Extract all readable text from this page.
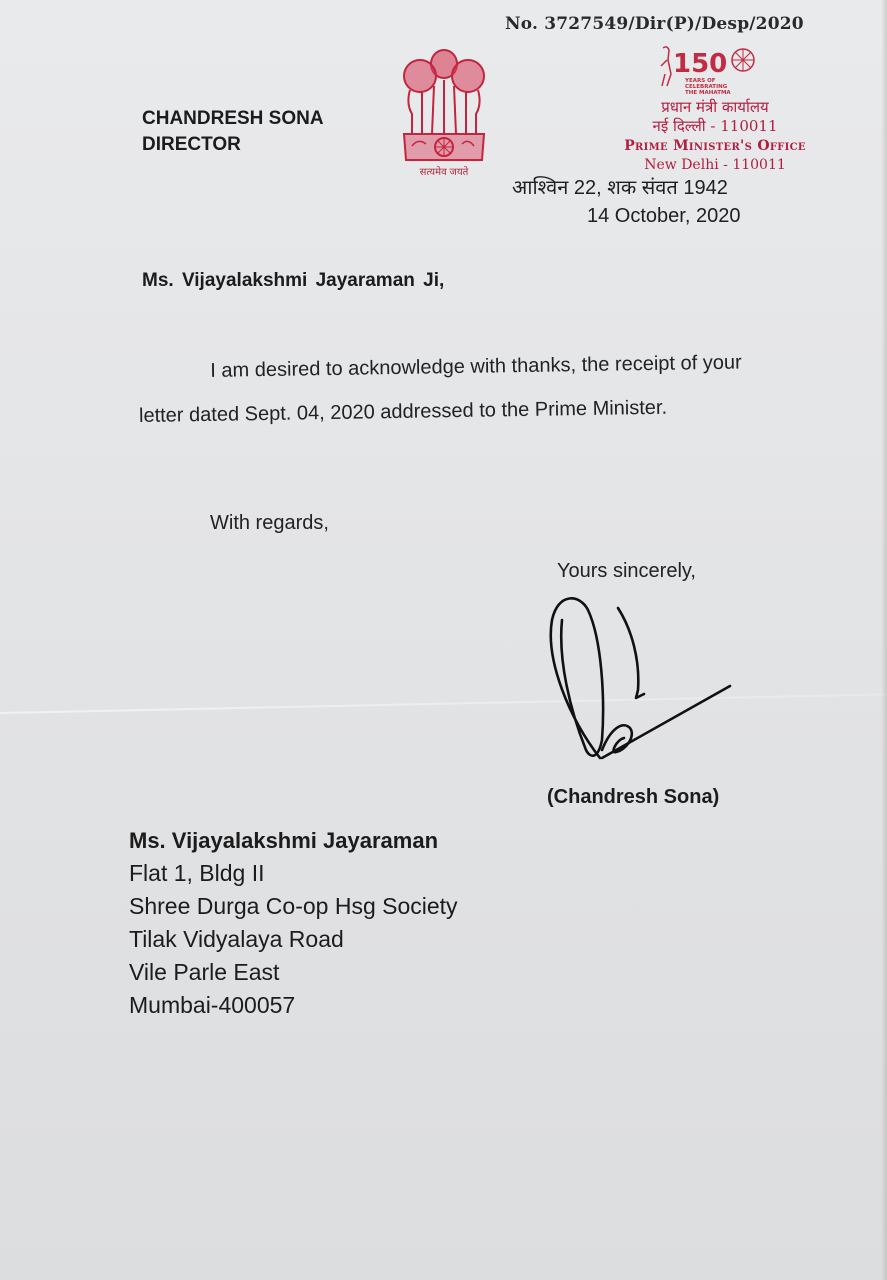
No. 3727549/Dir(P)/Desp/2020
CHANDRESH SONA
DIRECTOR
सत्यमेव जयते
150
YEARS OF
CELEBRATING
THE MAHATMA
प्रधान मंत्री कार्यालय
नई दिल्ली - 110011
Prime Minister's Office
New Delhi - 110011
आश्विन 22, शक संवत 1942
14 October, 2020
Ms. Vijayalakshmi Jayaraman Ji,
I am desired to acknowledge with thanks, the receipt of your letter dated Sept. 04, 2020 addressed to the Prime Minister.
With regards,
Yours sincerely,
(Chandresh Sona)
Ms. Vijayalakshmi Jayaraman
Flat 1, Bldg II
Shree Durga Co-op Hsg Society
Tilak Vidyalaya Road
Vile Parle East
Mumbai-400057
